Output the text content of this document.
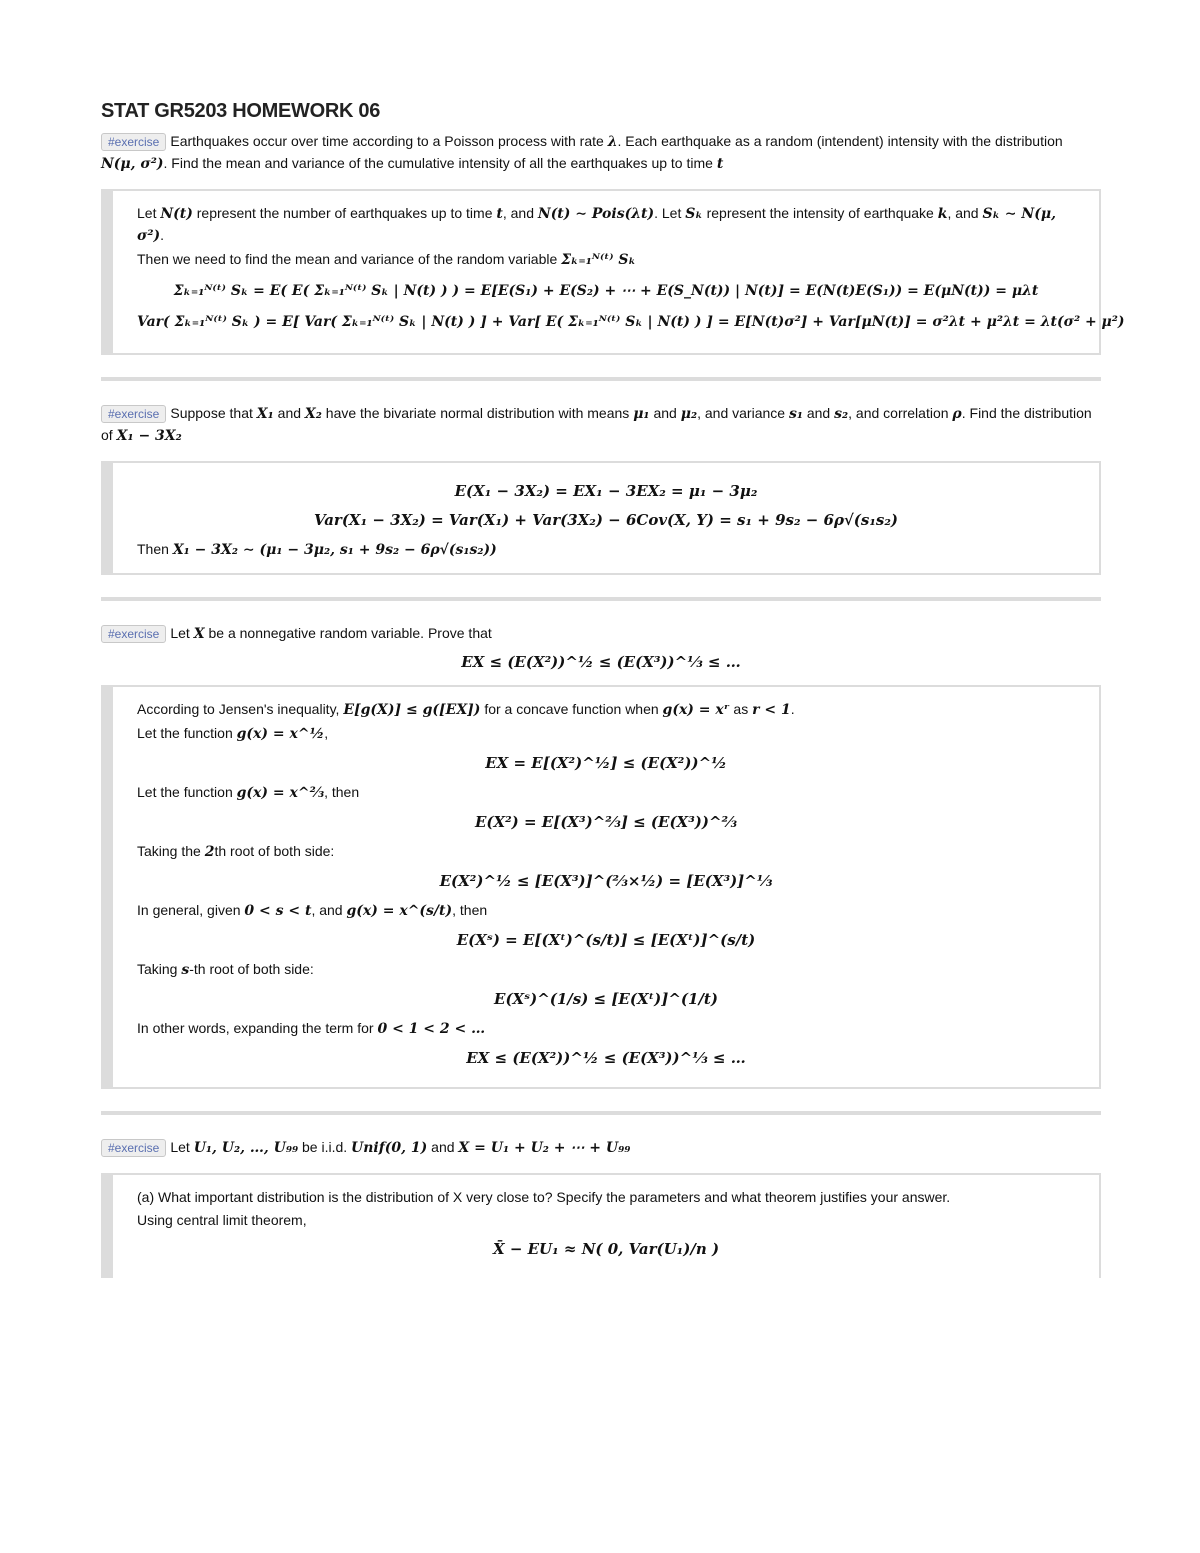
STAT GR5203 HOMEWORK 06

#exercise Earthquakes occur over time according to a Poisson process with rate λ. Each earthquake as a random (intendent) intensity with the distribution N(μ, σ²). Find the mean and variance of the cumulative intensity of all the earthquakes up to time t

Let N(t) represent the number of earthquakes up to time t, and N(t) ∼ Pois(λt). Let Sₖ represent the intensity of earthquake k, and Sₖ ∼ N(μ, σ²).
Then we need to find the mean and variance of the random variable Σₖ₌₁ᴺ⁽ᵗ⁾ Sₖ
Σₖ₌₁ᴺ⁽ᵗ⁾ Sₖ = E( E( Σₖ₌₁ᴺ⁽ᵗ⁾ Sₖ | N(t) ) ) = E[E(S₁) + E(S₂) + ⋯ + E(S_N(t)) | N(t)] = E(N(t)E(S₁)) = E(μN(t)) = μλt
Var( Σₖ₌₁ᴺ⁽ᵗ⁾ Sₖ ) = E[ Var( Σₖ₌₁ᴺ⁽ᵗ⁾ Sₖ | N(t) ) ] + Var[ E( Σₖ₌₁ᴺ⁽ᵗ⁾ Sₖ | N(t) ) ] = E[N(t)σ²] + Var[μN(t)] = σ²λt + μ²λt = λt(σ² + μ²)

#exercise Suppose that X₁ and X₂ have the bivariate normal distribution with means μ₁ and μ₂, and variance s₁ and s₂, and correlation ρ. Find the distribution of X₁ − 3X₂

E(X₁ − 3X₂) = EX₁ − 3EX₂ = μ₁ − 3μ₂
Var(X₁ − 3X₂) = Var(X₁) + Var(3X₂) − 6Cov(X, Y) = s₁ + 9s₂ − 6ρ√(s₁s₂)
Then X₁ − 3X₂ ∼ (μ₁ − 3μ₂, s₁ + 9s₂ − 6ρ√(s₁s₂))

#exercise Let X be a nonnegative random variable. Prove that

EX ≤ (E(X²))^½ ≤ (E(X³))^⅓ ≤ …
According to Jensen's inequality, E[g(X)] ≤ g([EX]) for a concave function when g(x) = xʳ as r < 1.
Let the function g(x) = x^½,
EX = E[(X²)^½] ≤ (E(X²))^½
Let the function g(x) = x^⅔, then
E(X²) = E[(X³)^⅔] ≤ (E(X³))^⅔
Taking the 2th root of both side:
E(X²)^½ ≤ [E(X³)]^(⅔×½) = [E(X³)]^⅓
In general, given 0 < s < t, and g(x) = x^(s/t), then
E(Xˢ) = E[(Xᵗ)^(s/t)] ≤ [E(Xᵗ)]^(s/t)
Taking s-th root of both side:
E(Xˢ)^(1/s) ≤ [E(Xᵗ)]^(1/t)
In other words, expanding the term for 0 < 1 < 2 < …
EX ≤ (E(X²))^½ ≤ (E(X³))^⅓ ≤ …

#exercise Let U₁, U₂, …, U₉₉ be i.i.d. Unif(0, 1) and X = U₁ + U₂ + ⋯ + U₉₉

(a) What important distribution is the distribution of X very close to? Specify the parameters and what theorem justifies your answer.
Using central limit theorem,
X̄ − EU₁ ≈ N( 0, Var(U₁)/n )
